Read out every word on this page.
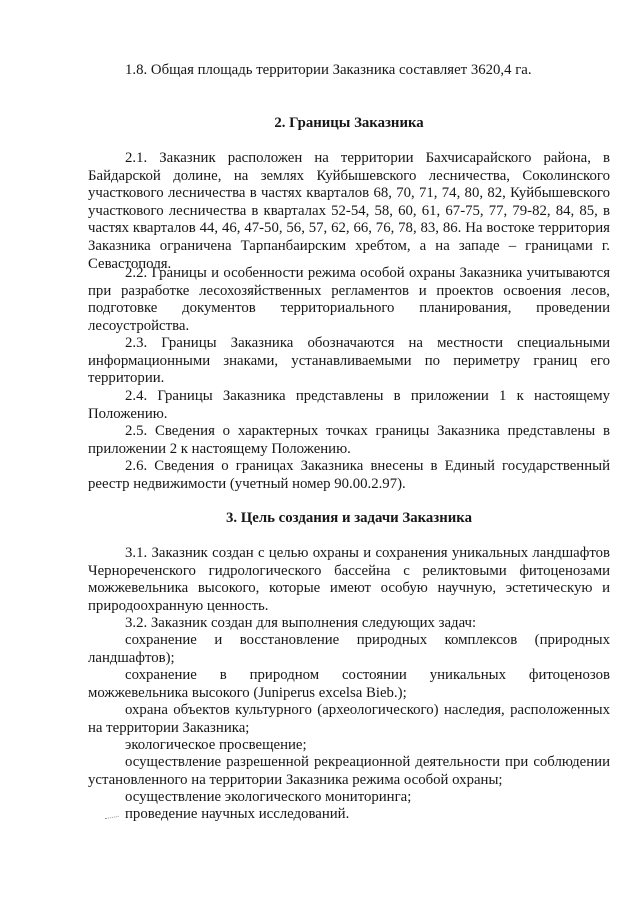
1.8. Общая площадь территории Заказника составляет 3620,4 га.

2. Границы Заказника

2.1. Заказник расположен на территории Бахчисарайского района, в Байдарской долине, на землях Куйбышевского лесничества, Соколинского участкового лесничества в частях кварталов 68, 70, 71, 74, 80, 82, Куйбышевского участкового лесничества в кварталах 52-54, 58, 60, 61, 67-75, 77, 79-82, 84, 85, в частях кварталов 44, 46, 47-50, 56, 57, 62, 66, 76, 78, 83, 86. На востоке территория Заказника ограничена Тарпанбаирским хребтом, а на западе – границами г. Севастополя.

2.2. Границы и особенности режима особой охраны Заказника учитываются при разработке лесохозяйственных регламентов и проектов освоения лесов, подготовке документов территориального планирования, проведении лесоустройства.

2.3. Границы Заказника обозначаются на местности специальными информационными знаками, устанавливаемыми по периметру границ его территории.

2.4. Границы Заказника представлены в приложении 1 к настоящему Положению.

2.5. Сведения о характерных точках границы Заказника представлены в приложении 2 к настоящему Положению.

2.6. Сведения о границах Заказника внесены в Единый государственный реестр недвижимости (учетный номер 90.00.2.97).

3. Цель создания и задачи Заказника

3.1. Заказник создан с целью охраны и сохранения уникальных ландшафтов Чернореченского гидрологического бассейна с реликтовыми фитоценозами можжевельника высокого, которые имеют особую научную, эстетическую и природоохранную ценность.

3.2. Заказник создан для выполнения следующих задач:

сохранение и восстановление природных комплексов (природных ландшафтов);

сохранение в природном состоянии уникальных фитоценозов можжевельника высокого (Juniperus excelsa Bieb.);

охрана объектов культурного (археологического) наследия, расположенных на территории Заказника;

экологическое просвещение;

осуществление разрешенной рекреационной деятельности при соблюдении установленного на территории Заказника режима особой охраны;

осуществление экологического мониторинга;

проведение научных исследований.
